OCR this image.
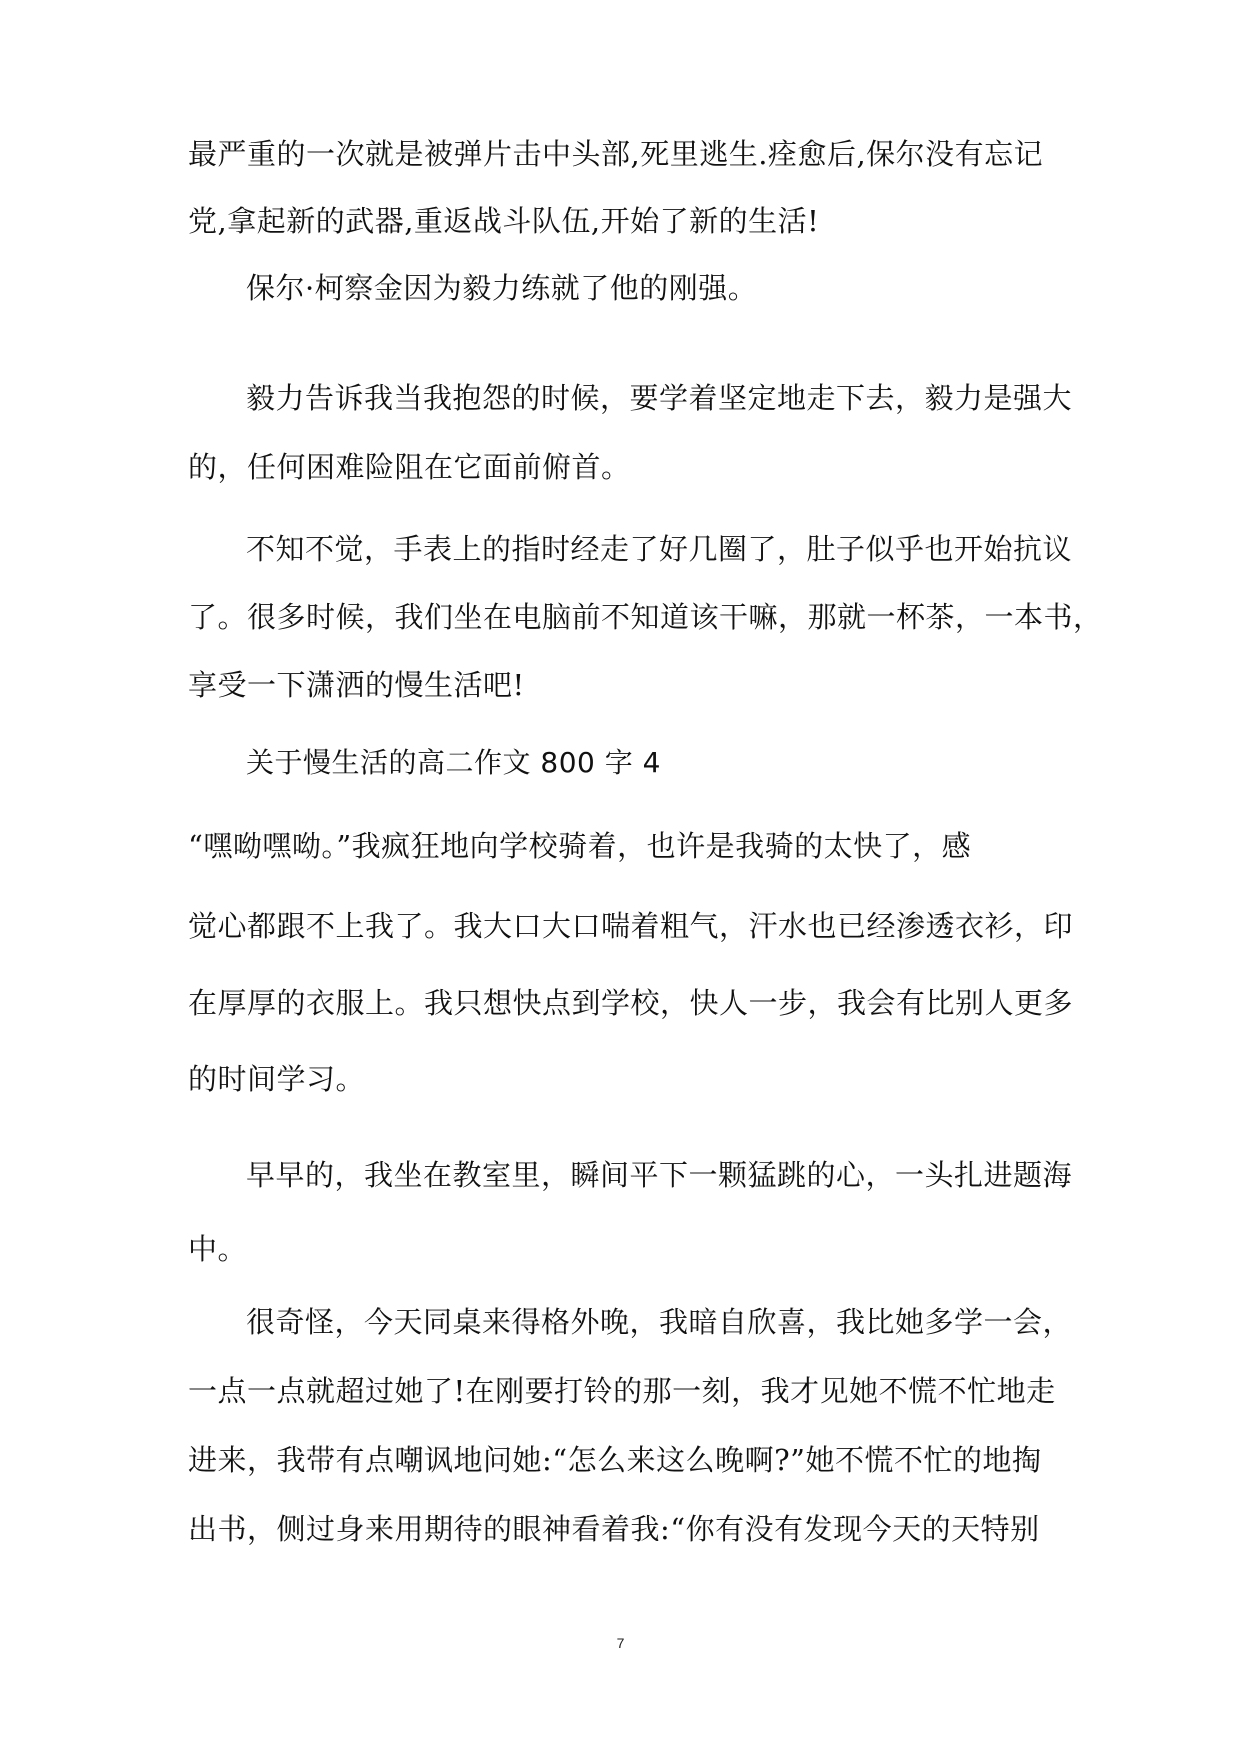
最严重的一次就是被弹片击中头部,死里逃生.痊愈后,保尔没有忘记
党,拿起新的武器,重返战斗队伍,开始了新的生活!
保尔·柯察金因为毅力练就了他的刚强。
毅力告诉我当我抱怨的时候，要学着坚定地走下去，毅力是强大
的，任何困难险阻在它面前俯首。
不知不觉，手表上的指时经走了好几圈了，肚子似乎也开始抗议
了。很多时候，我们坐在电脑前不知道该干嘛，那就一杯茶，一本书，
享受一下潇洒的慢生活吧!
关于慢生活的高二作文 800 字 4
“嘿呦嘿呦。”我疯狂地向学校骑着，也许是我骑的太快了，感
觉心都跟不上我了。我大口大口喘着粗气，汗水也已经渗透衣衫，印
在厚厚的衣服上。我只想快点到学校，快人一步，我会有比别人更多
的时间学习。
早早的，我坐在教室里，瞬间平下一颗猛跳的心，一头扎进题海
中。
很奇怪，今天同桌来得格外晚，我暗自欣喜，我比她多学一会，
一点一点就超过她了!在刚要打铃的那一刻，我才见她不慌不忙地走
进来，我带有点嘲讽地问她:“怎么来这么晚啊?”她不慌不忙的地掏
出书，侧过身来用期待的眼神看着我:“你有没有发现今天的天特别
7
